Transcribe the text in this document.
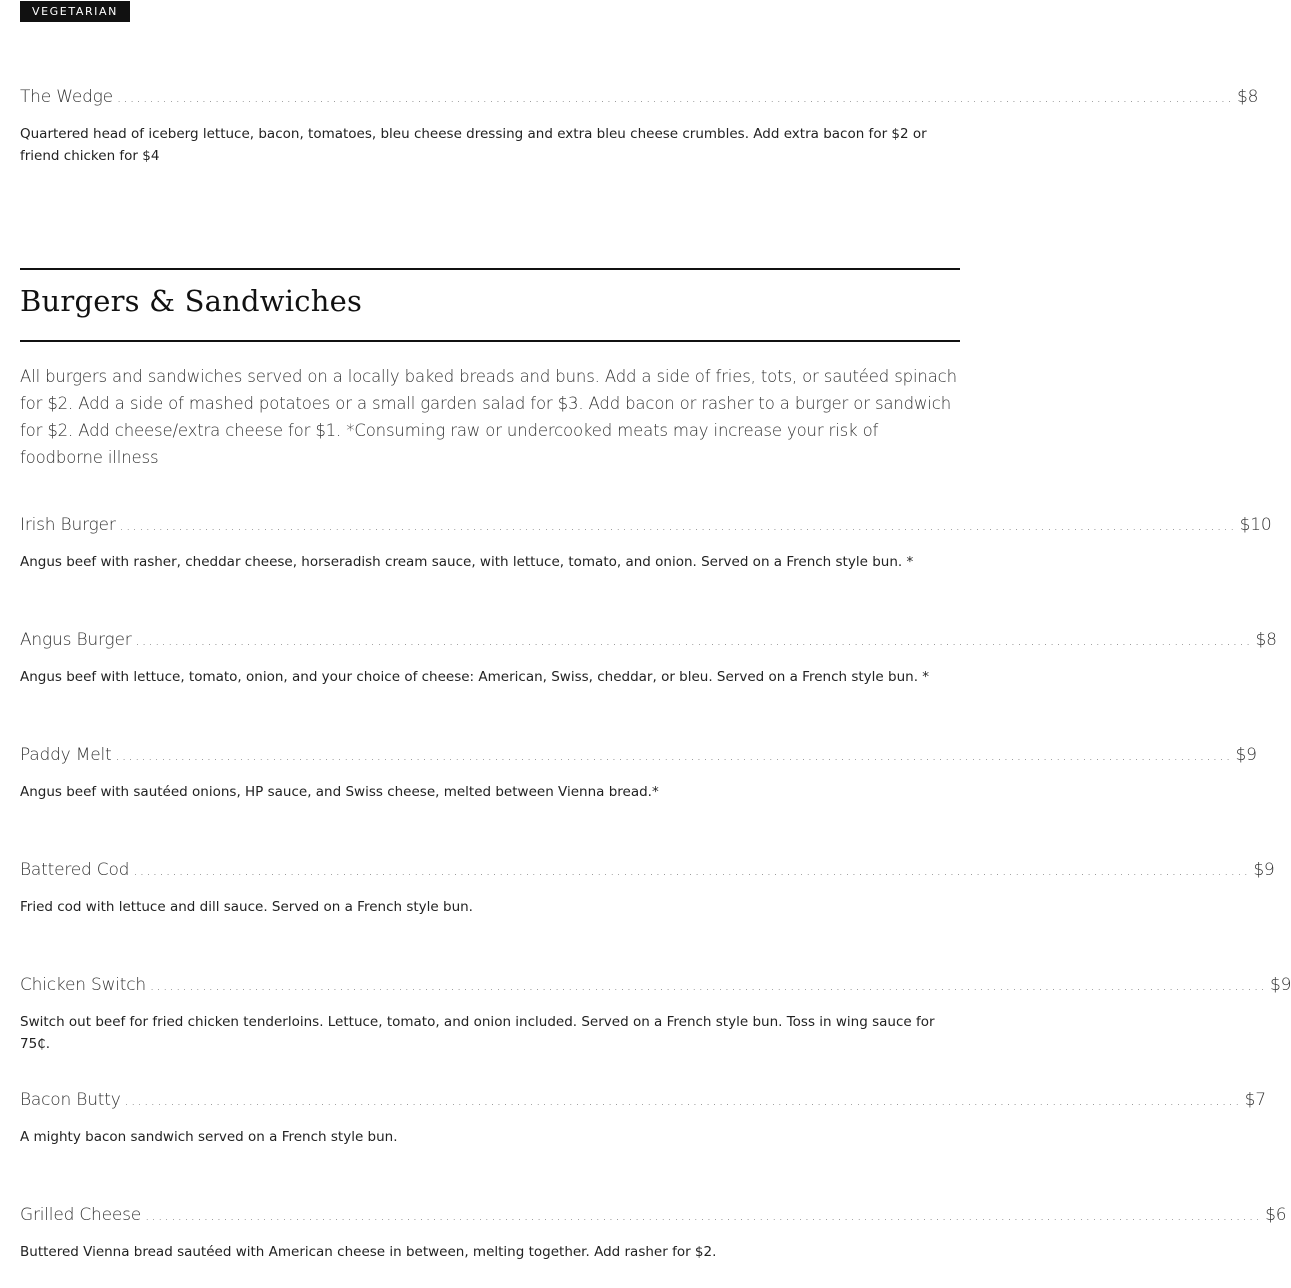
VEGETARIAN
The Wedge ........................................................................................................................................................................... $8
Quartered head of iceberg lettuce, bacon, tomatoes, bleu cheese dressing and extra bleu cheese crumbles. Add extra bacon for $2 or friend chicken for $4
Burgers & Sandwiches
All burgers and sandwiches served on a locally baked breads and buns. Add a side of fries, tots, or sautéed spinach for $2. Add a side of mashed potatoes or a small garden salad for $3. Add bacon or rasher to a burger or sandwich for $2. Add cheese/extra cheese for $1. *Consuming raw or undercooked meats may increase your risk of foodborne illness
Irish Burger ........................................................................................................................................................................... $10
Angus beef with rasher, cheddar cheese, horseradish cream sauce, with lettuce, tomato, and onion. Served on a French style bun. *
Angus Burger ........................................................................................................................................................................... $8
Angus beef with lettuce, tomato, onion, and your choice of cheese: American, Swiss, cheddar, or bleu. Served on a French style bun. *
Paddy Melt ........................................................................................................................................................................... $9
Angus beef with sautéed onions, HP sauce, and Swiss cheese, melted between Vienna bread.*
Battered Cod ........................................................................................................................................................................... $9
Fried cod with lettuce and dill sauce. Served on a French style bun.
Chicken Switch ........................................................................................................................................................................... $9
Switch out beef for fried chicken tenderloins. Lettuce, tomato, and onion included. Served on a French style bun. Toss in wing sauce for 75₵.
Bacon Butty ........................................................................................................................................................................... $7
A mighty bacon sandwich served on a French style bun.
Grilled Cheese ........................................................................................................................................................................... $6
Buttered Vienna bread sautéed with American cheese in between, melting together. Add rasher for $2.
